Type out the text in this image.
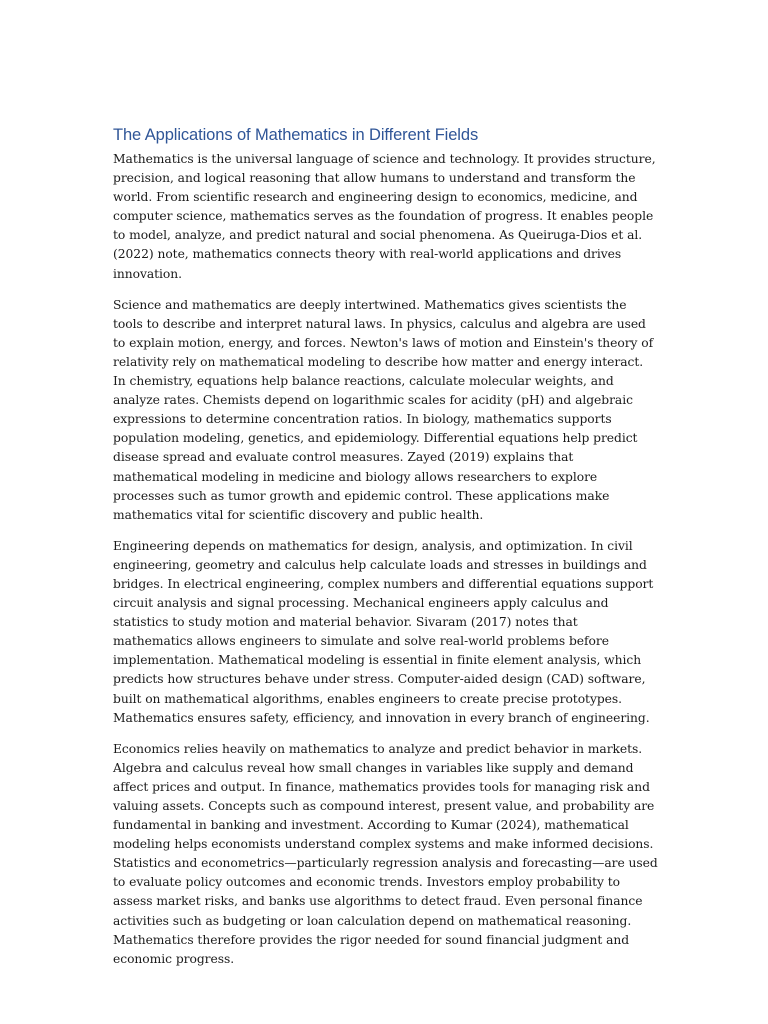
The Applications of Mathematics in Different Fields

Mathematics is the universal language of science and technology. It provides structure, precision, and logical reasoning that allow humans to understand and transform the world. From scientific research and engineering design to economics, medicine, and computer science, mathematics serves as the foundation of progress. It enables people to model, analyze, and predict natural and social phenomena. As Queiruga-Dios et al. (2022) note, mathematics connects theory with real-world applications and drives innovation.

Science and mathematics are deeply intertwined. Mathematics gives scientists the tools to describe and interpret natural laws. In physics, calculus and algebra are used to explain motion, energy, and forces. Newton's laws of motion and Einstein's theory of relativity rely on mathematical modeling to describe how matter and energy interact. In chemistry, equations help balance reactions, calculate molecular weights, and analyze rates. Chemists depend on logarithmic scales for acidity (pH) and algebraic expressions to determine concentration ratios. In biology, mathematics supports population modeling, genetics, and epidemiology. Differential equations help predict disease spread and evaluate control measures. Zayed (2019) explains that mathematical modeling in medicine and biology allows researchers to explore processes such as tumor growth and epidemic control. These applications make mathematics vital for scientific discovery and public health.

Engineering depends on mathematics for design, analysis, and optimization. In civil engineering, geometry and calculus help calculate loads and stresses in buildings and bridges. In electrical engineering, complex numbers and differential equations support circuit analysis and signal processing. Mechanical engineers apply calculus and statistics to study motion and material behavior. Sivaram (2017) notes that mathematics allows engineers to simulate and solve real-world problems before implementation. Mathematical modeling is essential in finite element analysis, which predicts how structures behave under stress. Computer-aided design (CAD) software, built on mathematical algorithms, enables engineers to create precise prototypes. Mathematics ensures safety, efficiency, and innovation in every branch of engineering.

Economics relies heavily on mathematics to analyze and predict behavior in markets. Algebra and calculus reveal how small changes in variables like supply and demand affect prices and output. In finance, mathematics provides tools for managing risk and valuing assets. Concepts such as compound interest, present value, and probability are fundamental in banking and investment. According to Kumar (2024), mathematical modeling helps economists understand complex systems and make informed decisions. Statistics and econometrics—particularly regression analysis and forecasting—are used to evaluate policy outcomes and economic trends. Investors employ probability to assess market risks, and banks use algorithms to detect fraud. Even personal finance activities such as budgeting or loan calculation depend on mathematical reasoning. Mathematics therefore provides the rigor needed for sound financial judgment and economic progress.
